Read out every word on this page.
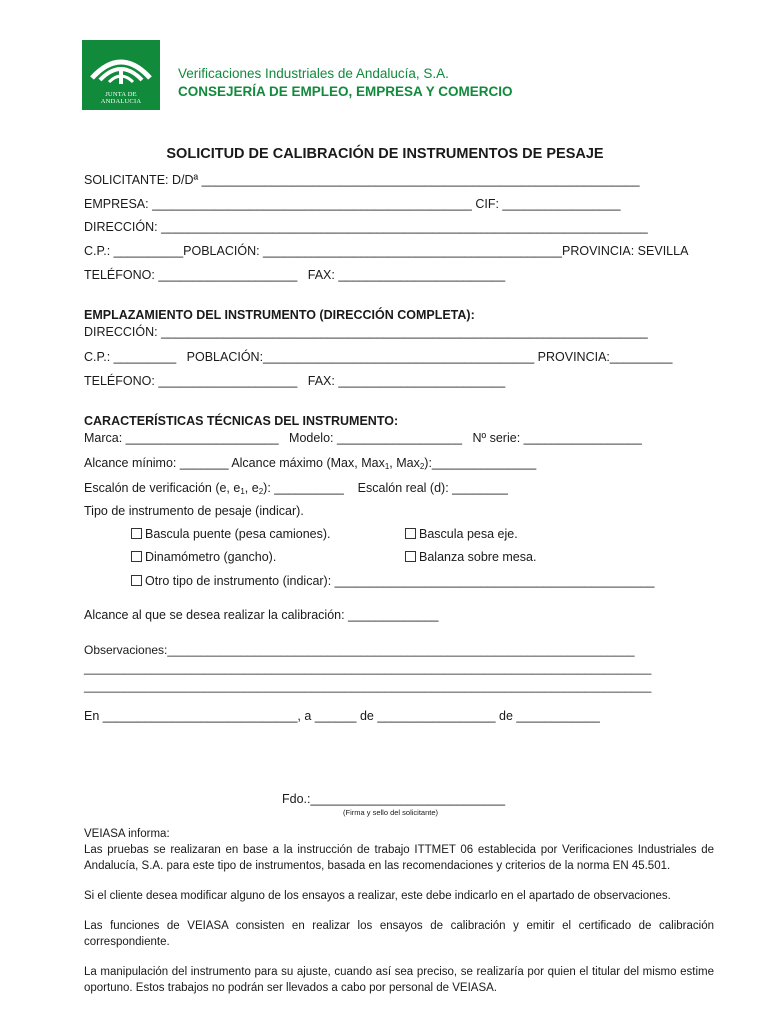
JUNTA DE ANDALUCIA
Verificaciones Industriales de Andalucía, S.A.
CONSEJERÍA DE EMPLEO, EMPRESA Y COMERCIO
SOLICITUD DE CALIBRACIÓN DE INSTRUMENTOS DE PESAJE
SOLICITANTE: D/Dª _______________________________________________________________
EMPRESA: ______________________________________________ CIF: _________________
DIRECCIÓN: ______________________________________________________________________
C.P.: __________POBLACIÓN: ___________________________________________PROVINCIA: SEVILLA
TELÉFONO: ____________________   FAX: ________________________
EMPLAZAMIENTO DEL INSTRUMENTO (DIRECCIÓN COMPLETA):
DIRECCIÓN: ______________________________________________________________________
C.P.: _________   POBLACIÓN:_______________________________________ PROVINCIA:_________
TELÉFONO: ____________________   FAX: ________________________
CARACTERÍSTICAS TÉCNICAS DEL INSTRUMENTO:
Marca: ______________________   Modelo: __________________   Nº serie: _________________
Alcance mínimo: _______ Alcance máximo (Max, Max$_1$, Max$_2$):_______________
Escalón de verificación (e, $e_1$, $e_2$): __________    Escalón real (d): ________
Tipo de instrumento de pesaje (indicar).
Bascula puente (pesa camiones).	Bascula pesa eje.
Dinamómetro (gancho).	Balanza sobre mesa.
Otro tipo de instrumento (indicar): ______________________________________________
Alcance al que se desea realizar la calibración: _____________
Observaciones:______________________________________________________________________
_____________________________________________________________________________________
_____________________________________________________________________________________
En ____________________________, a ______ de _________________ de ____________
Fdo.:____________________________
(Firma y sello del solicitante)
VEIASA informa:
Las pruebas se realizaran en base a la instrucción de trabajo ITTMET 06 establecida por Verificaciones Industriales de Andalucía, S.A. para este tipo de instrumentos, basada en las recomendaciones y criterios de la norma EN 45.501.
Si el cliente desea modificar alguno de los ensayos a realizar, este debe indicarlo en el apartado de observaciones.
Las funciones de VEIASA consisten en realizar los ensayos de calibración y emitir el certificado de calibración correspondiente.
La manipulación del instrumento para su ajuste, cuando así sea preciso, se realizaría por quien el titular del mismo estime oportuno. Estos trabajos no podrán ser llevados a cabo por personal de VEIASA.
